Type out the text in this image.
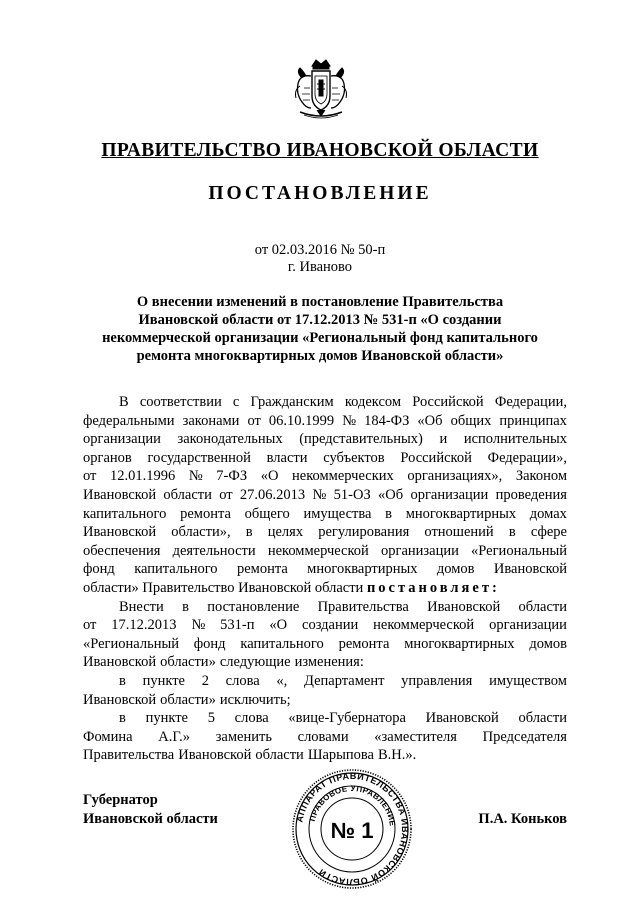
ПРАВИТЕЛЬСТВО ИВАНОВСКОЙ ОБЛАСТИ
ПОСТАНОВЛЕНИЕ
от 02.03.2016 № 50-п
г. Иваново
О внесении изменений в постановление Правительства
Ивановской области от 17.12.2013 № 531-п «О создании
некоммерческой организации «Региональный фонд капитального
ремонта многоквартирных домов Ивановской области»
В соответствии с Гражданским кодексом Российской Федерации,
федеральными законами от 06.10.1999 № 184-ФЗ «Об общих принципах
организации законодательных (представительных) и исполнительных
органов государственной власти субъектов Российской Федерации»,
от 12.01.1996 № 7-ФЗ «О некоммерческих организациях», Законом
Ивановской области от 27.06.2013 № 51-ОЗ «Об организации проведения
капитального ремонта общего имущества в многоквартирных домах
Ивановской области», в целях регулирования отношений в сфере
обеспечения деятельности некоммерческой организации «Региональный
фонд капитального ремонта многоквартирных домов Ивановской
области» Правительство Ивановской области
постановляет:
Внести в постановление Правительства Ивановской области
от 17.12.2013 № 531-п «О создании некоммерческой организации
«Региональный фонд капитального ремонта многоквартирных домов
Ивановской области» следующие изменения:
в пункте 2 слова «, Департамент управления имуществом
Ивановской области» исключить;
в пункте 5 слова «вице-Губернатора Ивановской области
Фомина А.Г.» заменить словами «заместителя Председателя
Правительства Ивановской области Шарыпова В.Н.».
Губернатор
Ивановской области	П.А. Коньков
АППАРАТ ПРАВИТЕЛЬСТВА ИВАНОВСКОЙ ОБЛАСТИ
ПРАВОВОЕ УПРАВЛЕНИЕ
№ 1
